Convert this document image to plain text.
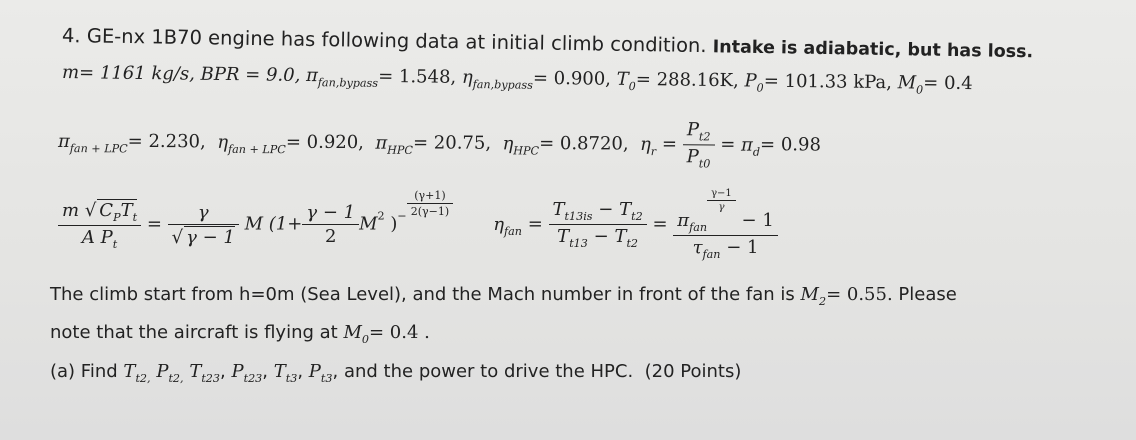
4. GE-nx 1B70 engine has following data at initial climb condition. Intake is adiabatic, but has loss.
m= 1161 kg/s, BPR = 9.0, $\pi_{fan,bypass}= 1.548$, $\eta_{fan,bypass}= 0.900$, $T_0= 288.16K$, $P_0= 101.33$ kPa, $M_0= 0.4$
$\pi_{fan + LPC}= 2.230$, $\eta_{fan + LPC}= 0.920$, $\pi_{HPC}= 20.75$, $\eta_{HPC}= 0.8720$, $\eta_r = \frac{P_{t2}}{P_{t0}} = \pi_d= 0.98$
$\frac{m √ C_PT_t}{A P_t} = \frac{\gamma}{√ \gamma - 1}$ M ($1+ \frac{\gamma - 1}{2} M^2$ )$^- \frac{(\gamma+1)}{2(\gamma-1)}$
$\eta_{fan} = \frac{T_{t13is} - T_{t2}}{T_{t13} - T_{t2}} = \pi_{fan}$
$\frac{\gamma-1}{\gamma}$
− 1
$\tau_{fan} - 1$
The climb start from h=0m (Sea Level), and the Mach number in front of the fan is $M_2= 0.55$. Please
note that the aircraft is flying at $M_0= 0.4$ .
(a) Find $T_{t2,}$ $P_{t2,}$ $T_{t23}$, $P_{t23}$, $T_{t3}$, $P_{t3}$, and the power to drive the HPC. (20 Points)
